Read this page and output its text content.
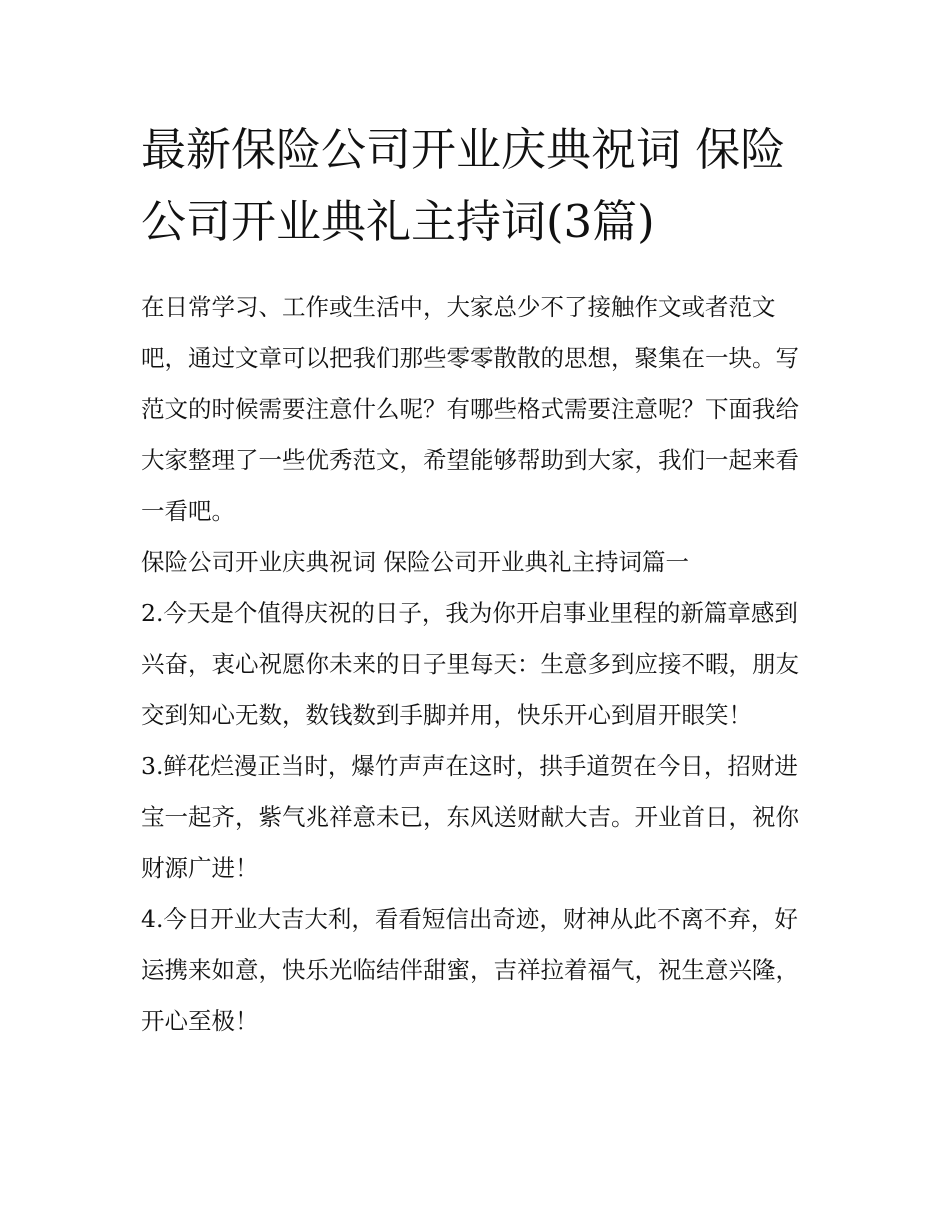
最新保险公司开业庆典祝词 保险公司开业典礼主持词(3篇)

在日常学习、工作或生活中，大家总少不了接触作文或者范文吧，通过文章可以把我们那些零零散散的思想，聚集在一块。写范文的时候需要注意什么呢？有哪些格式需要注意呢？下面我给大家整理了一些优秀范文，希望能够帮助到大家，我们一起来看一看吧。

保险公司开业庆典祝词 保险公司开业典礼主持词篇一

2.今天是个值得庆祝的日子，我为你开启事业里程的新篇章感到兴奋，衷心祝愿你未来的日子里每天：生意多到应接不暇，朋友交到知心无数，数钱数到手脚并用，快乐开心到眉开眼笑！

3.鲜花烂漫正当时，爆竹声声在这时，拱手道贺在今日，招财进宝一起齐，紫气兆祥意未已，东风送财献大吉。开业首日，祝你财源广进！

4.今日开业大吉大利，看看短信出奇迹，财神从此不离不弃，好运携来如意，快乐光临结伴甜蜜，吉祥拉着福气，祝生意兴隆，开心至极！
